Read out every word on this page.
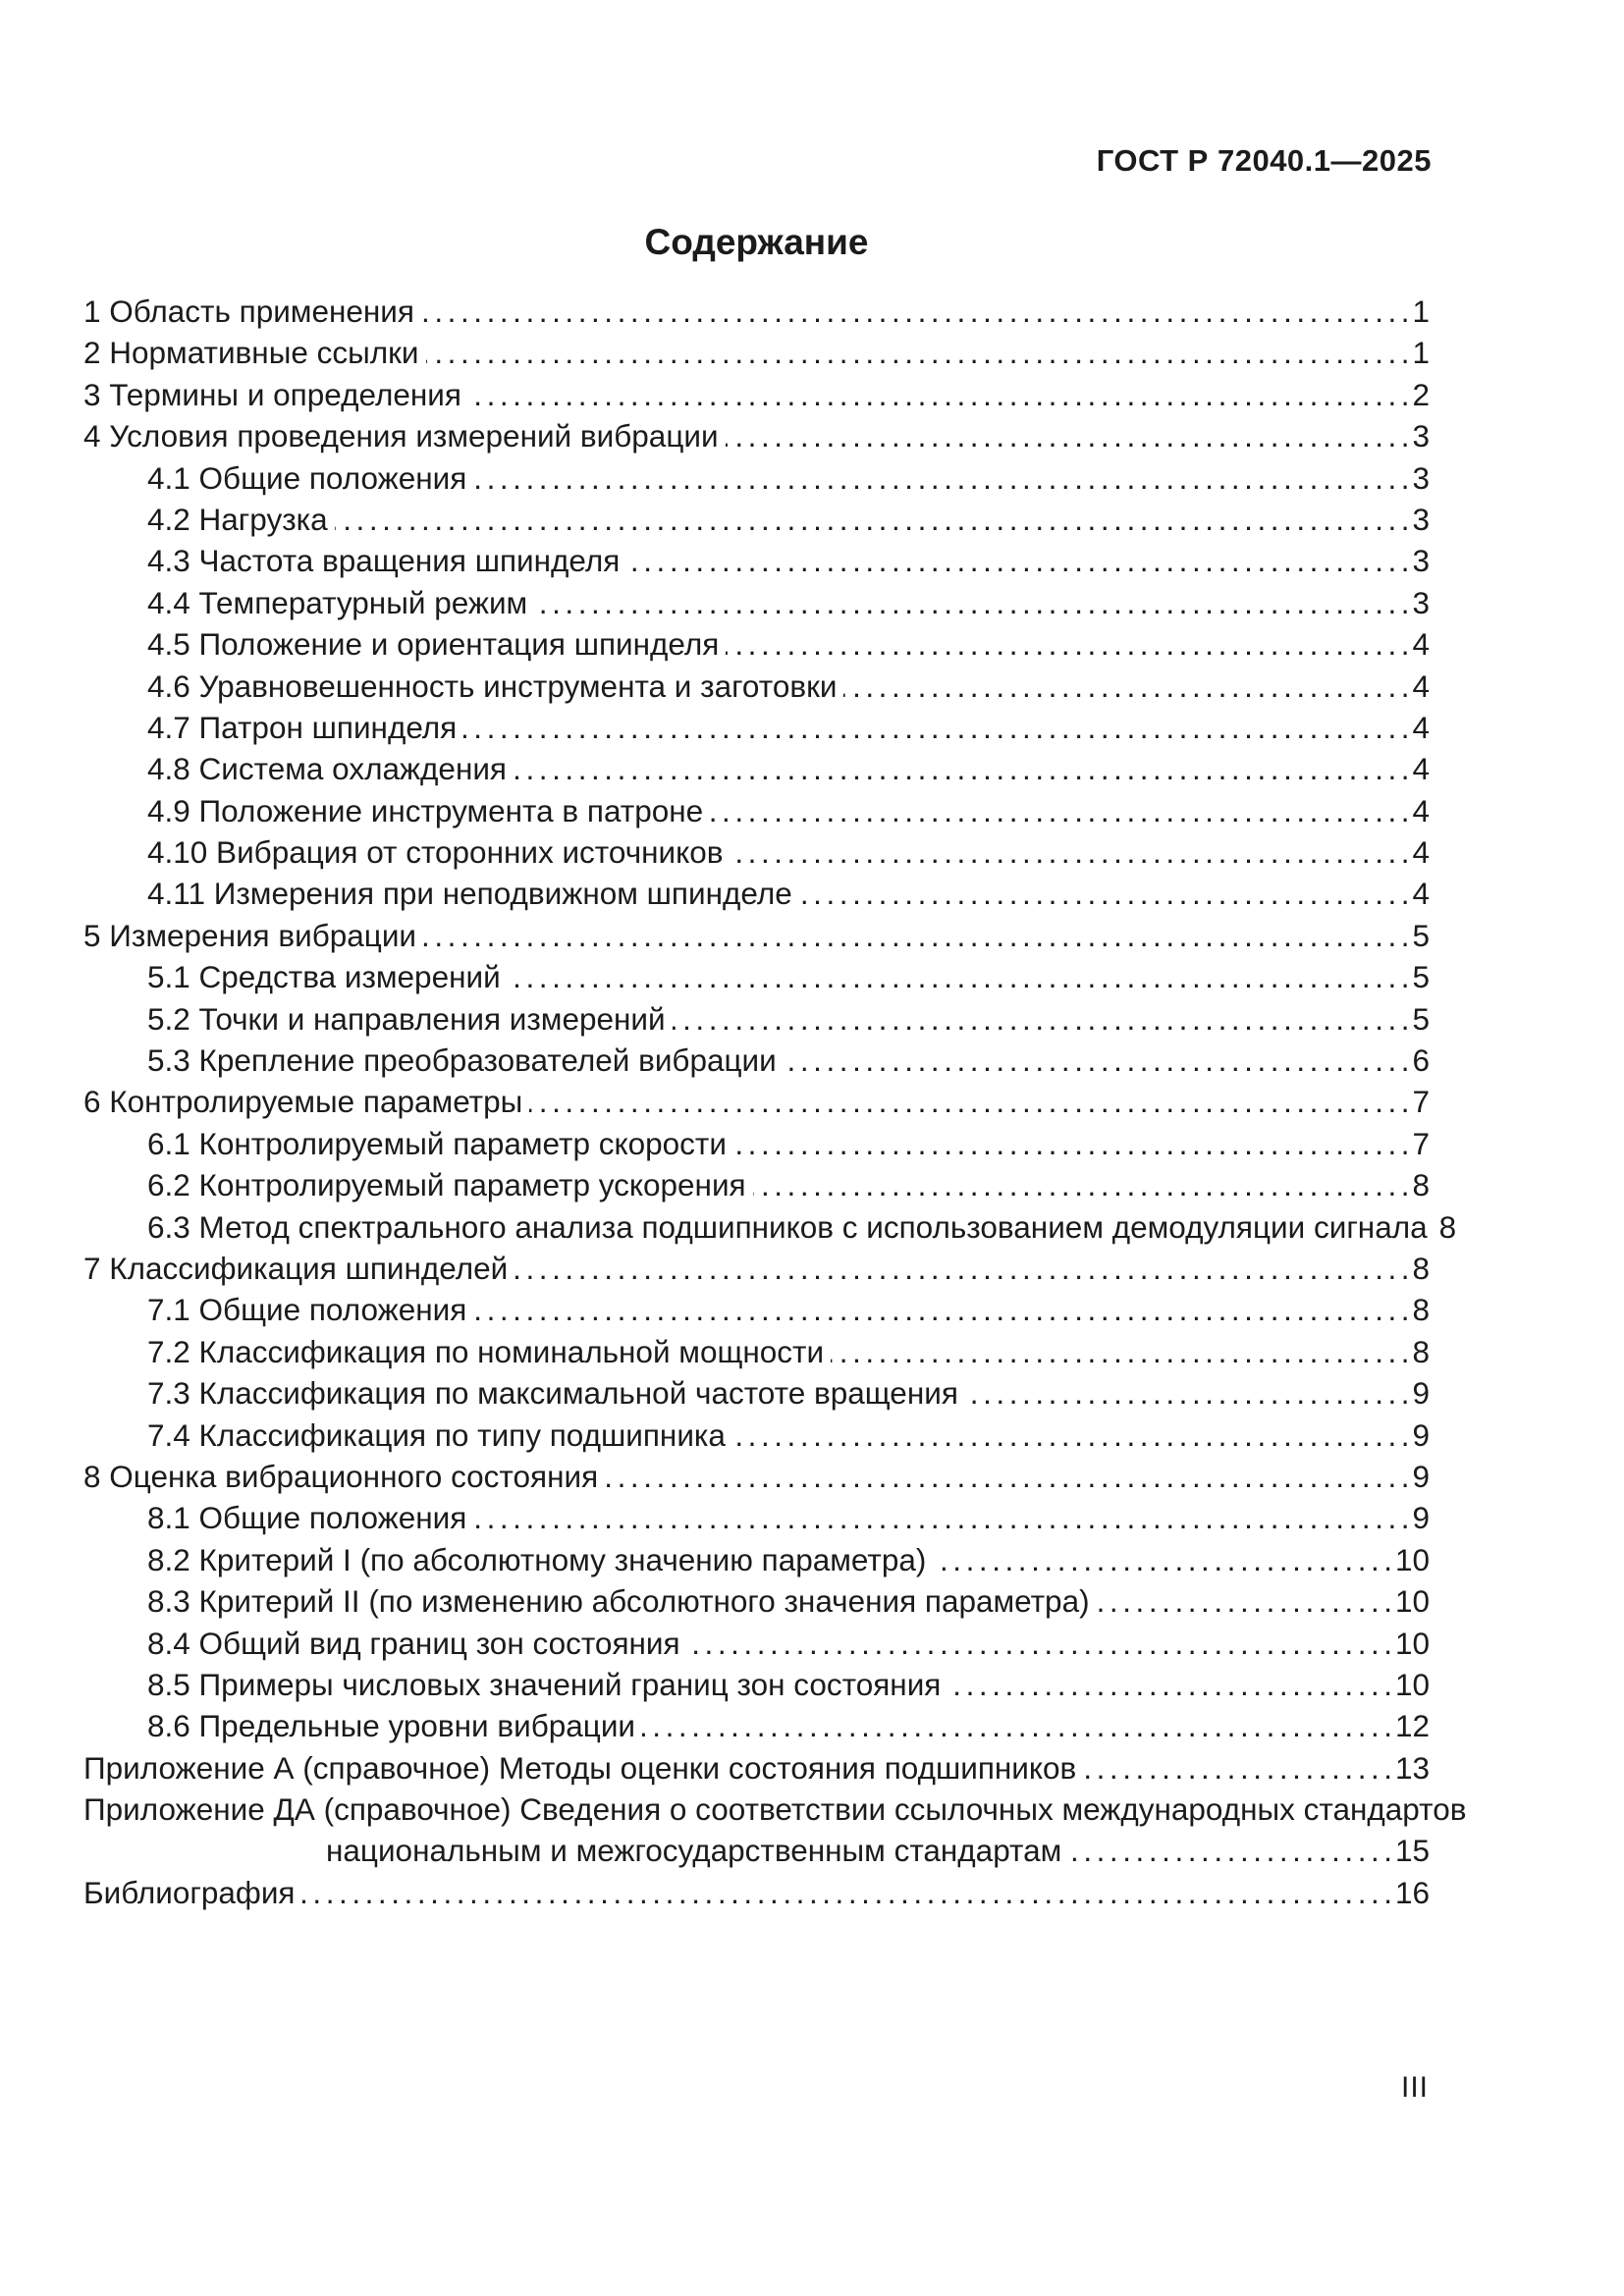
ГОСТ Р 72040.1—2025
Содержание
1 Область применения . . .	1
2 Нормативные ссылки . . .	1
3 Термины и определения . . .	2
4 Условия проведения измерений вибрации . . .	3
4.1 Общие положения . . .	3
4.2 Нагрузка . . .	3
4.3 Частота вращения шпинделя . . .	3
4.4 Температурный режим . . .	3
4.5 Положение и ориентация шпинделя . . .	4
4.6 Уравновешенность инструмента и заготовки . . .	4
4.7 Патрон шпинделя . . .	4
4.8 Система охлаждения . . .	4
4.9 Положение инструмента в патроне . . .	4
4.10 Вибрация от сторонних источников . . .	4
4.11 Измерения при неподвижном шпинделе . . .	4
5 Измерения вибрации . . .	5
5.1 Средства измерений . . .	5
5.2 Точки и направления измерений . . .	5
5.3 Крепление преобразователей вибрации . . .	6
6 Контролируемые параметры . . .	7
6.1 Контролируемый параметр скорости . . .	7
6.2 Контролируемый параметр ускорения . . .	8
6.3 Метод спектрального анализа подшипников с использованием демодуляции сигнала 8
7 Классификация шпинделей . . .	8
7.1 Общие положения . . .	8
7.2 Классификация по номинальной мощности . . .	8
7.3 Классификация по максимальной частоте вращения . . .	9
7.4 Классификация по типу подшипника . . .	9
8 Оценка вибрационного состояния . . .	9
8.1 Общие положения . . .	9
8.2 Критерий I (по абсолютному значению параметра) . . .	10
8.3 Критерий II (по изменению абсолютного значения параметра) . . .	10
8.4 Общий вид границ зон состояния . . .	10
8.5 Примеры числовых значений границ зон состояния . . .	10
8.6 Предельные уровни вибрации . . .	12
Приложение А (справочное) Методы оценки состояния подшипников . . .	13
Приложение ДА (справочное) Сведения о соответствии ссылочных международных стандартов
национальным и межгосударственным стандартам . . .	15
Библиография . . .	16
III
